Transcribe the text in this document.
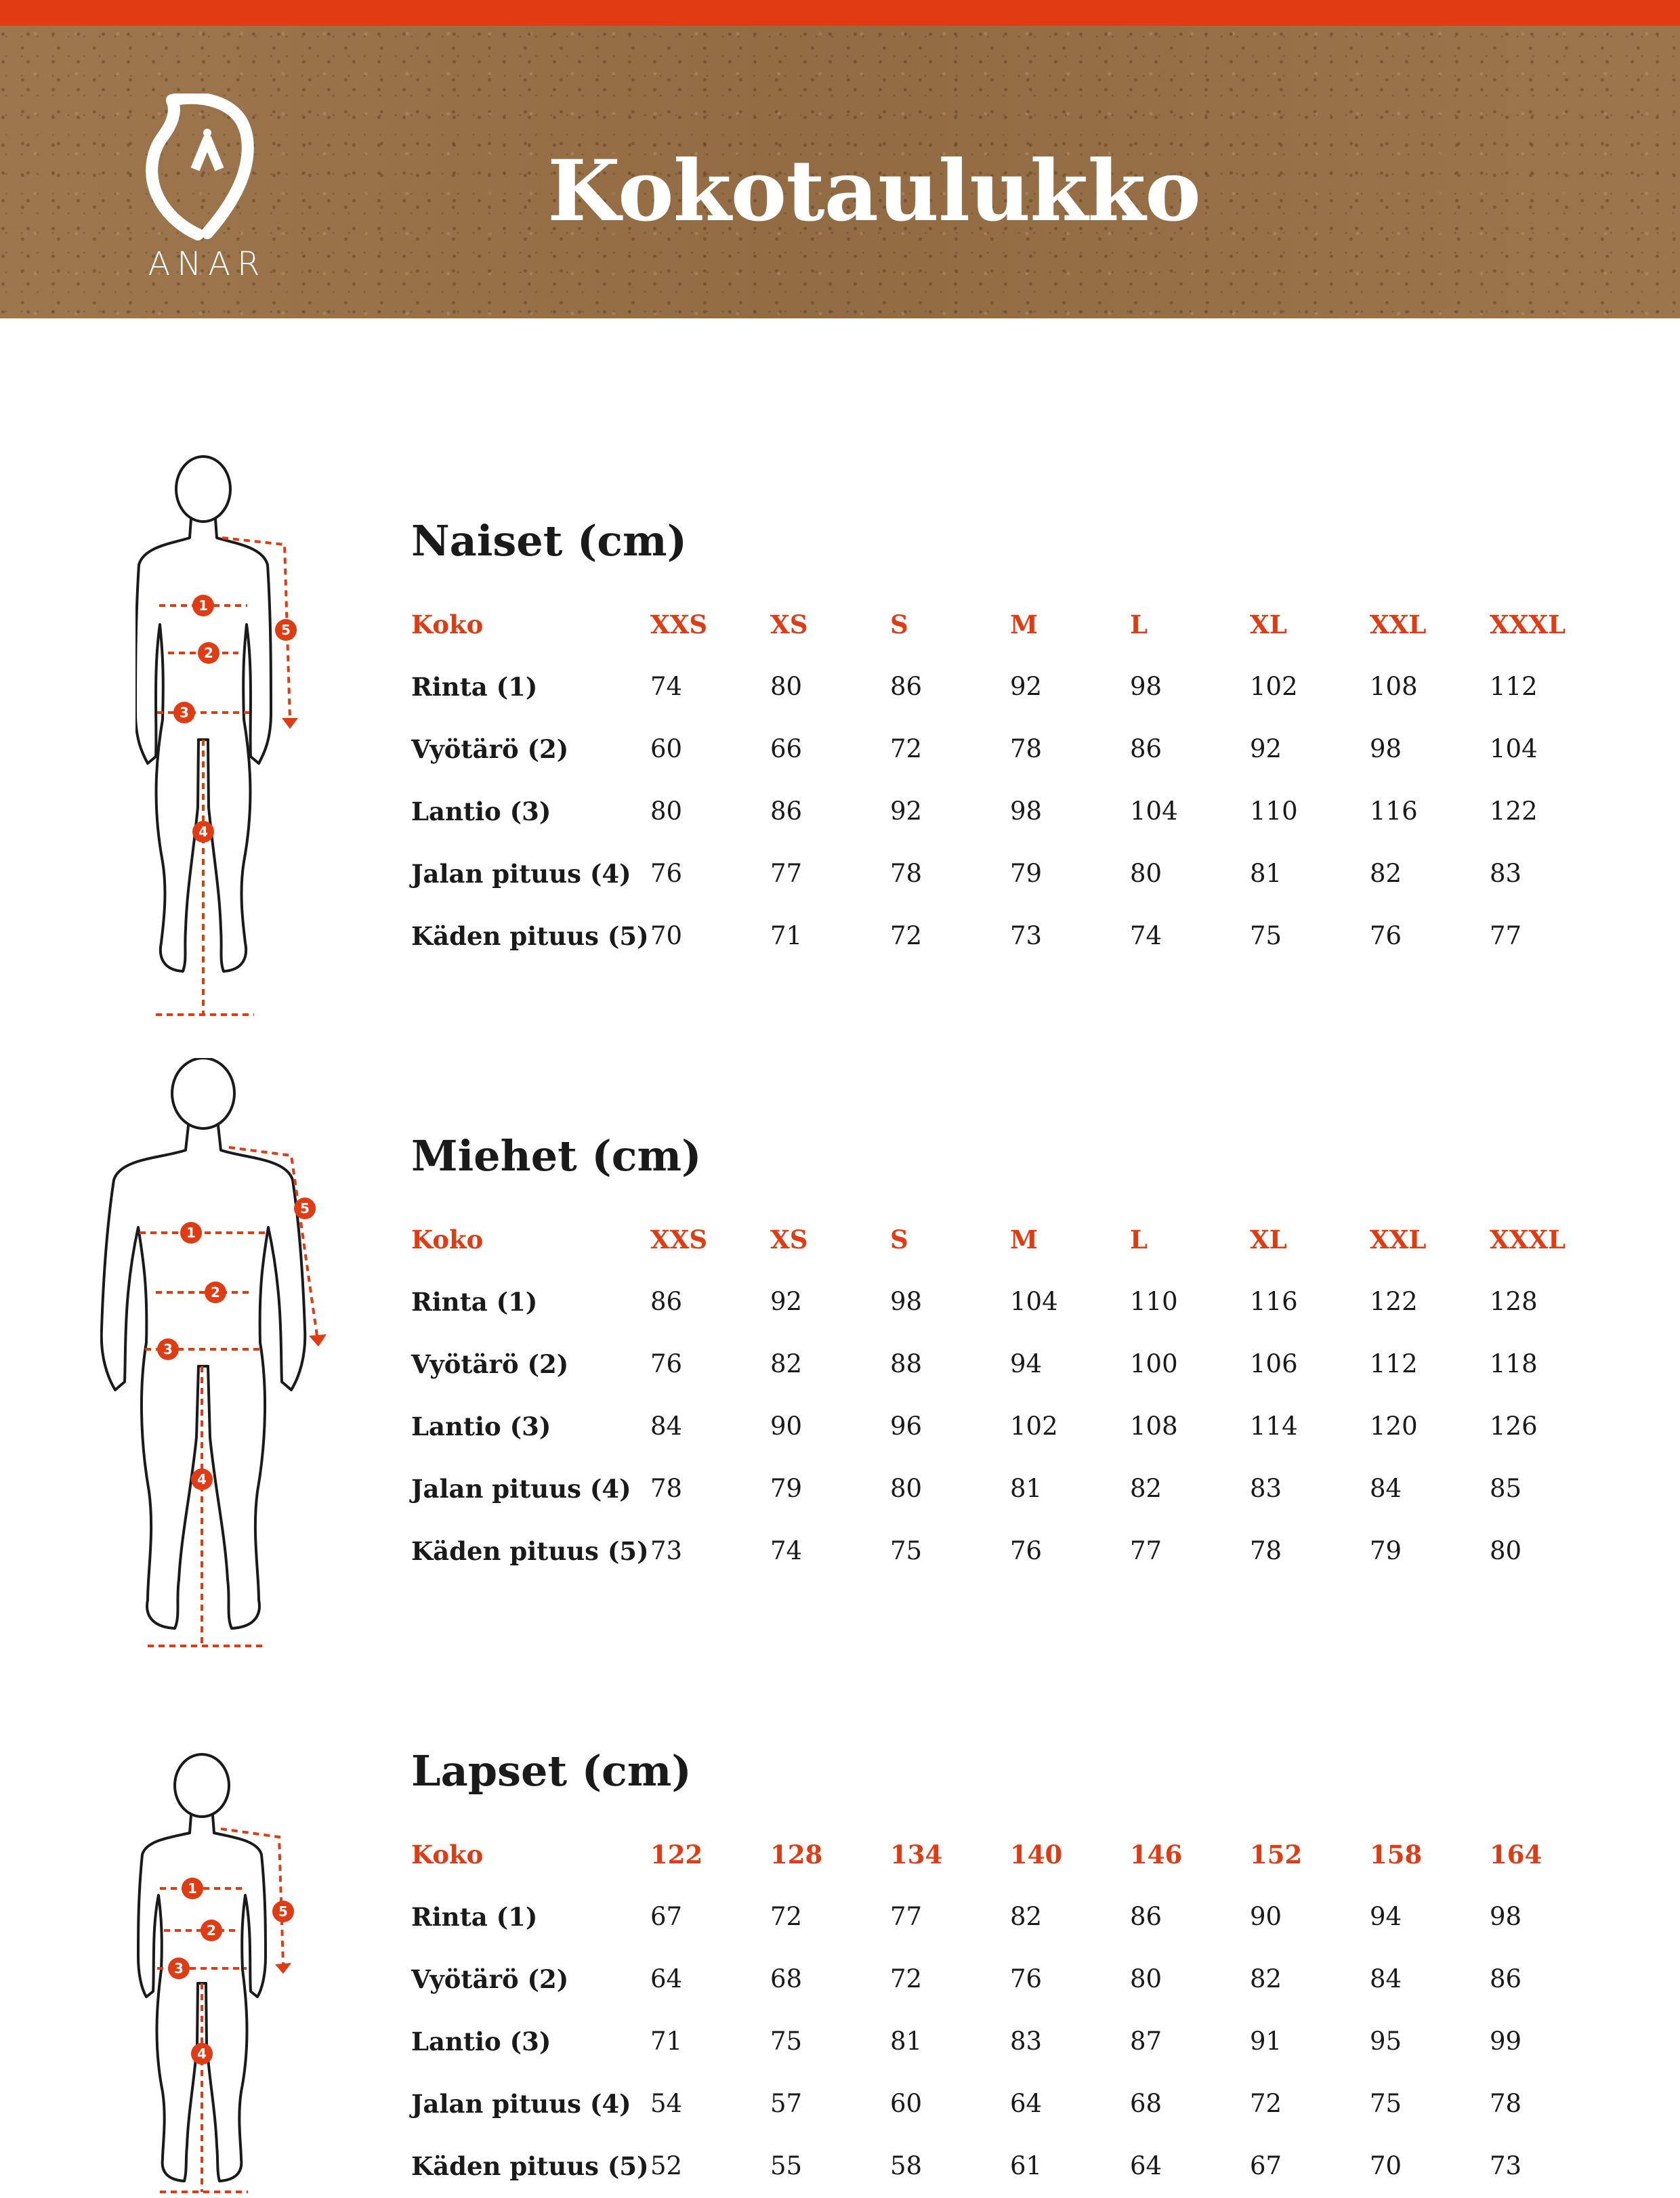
ANAR
Kokotaulukko
1
2
3
4
5
1
2
3
4
5
1
2
3
4
5
Naiset (cm)
Koko	XXS	XS	S	M	L	XL	XXL	XXXL
Rinta (1)	74	80	86	92	98	102	108	112
Vyötärö (2)	60	66	72	78	86	92	98	104
Lantio (3)	80	86	92	98	104	110	116	122
Jalan pituus (4) 76	77	78	79	80	81	82	83
Käden pituus (5) 70	71	72	73	74	75	76	77
Miehet (cm)
Koko	XXS	XS	S	M	L	XL	XXL	XXXL
Rinta (1)	86	92	98	104	110	116	122	128
Vyötärö (2)	76	82	88	94	100	106	112	118
Lantio (3)	84	90	96	102	108	114	120	126
Jalan pituus (4) 78	79	80	81	82	83	84	85
Käden pituus (5) 73	74	75	76	77	78	79	80
Lapset (cm)
Koko	122	128	134	140	146	152	158	164
Rinta (1)	67	72	77	82	86	90	94	98
Vyötärö (2)	64	68	72	76	80	82	84	86
Lantio (3)	71	75	81	83	87	91	95	99
Jalan pituus (4) 54	57	60	64	68	72	75	78
Käden pituus (5) 52	55	58	61	64	67	70	73
